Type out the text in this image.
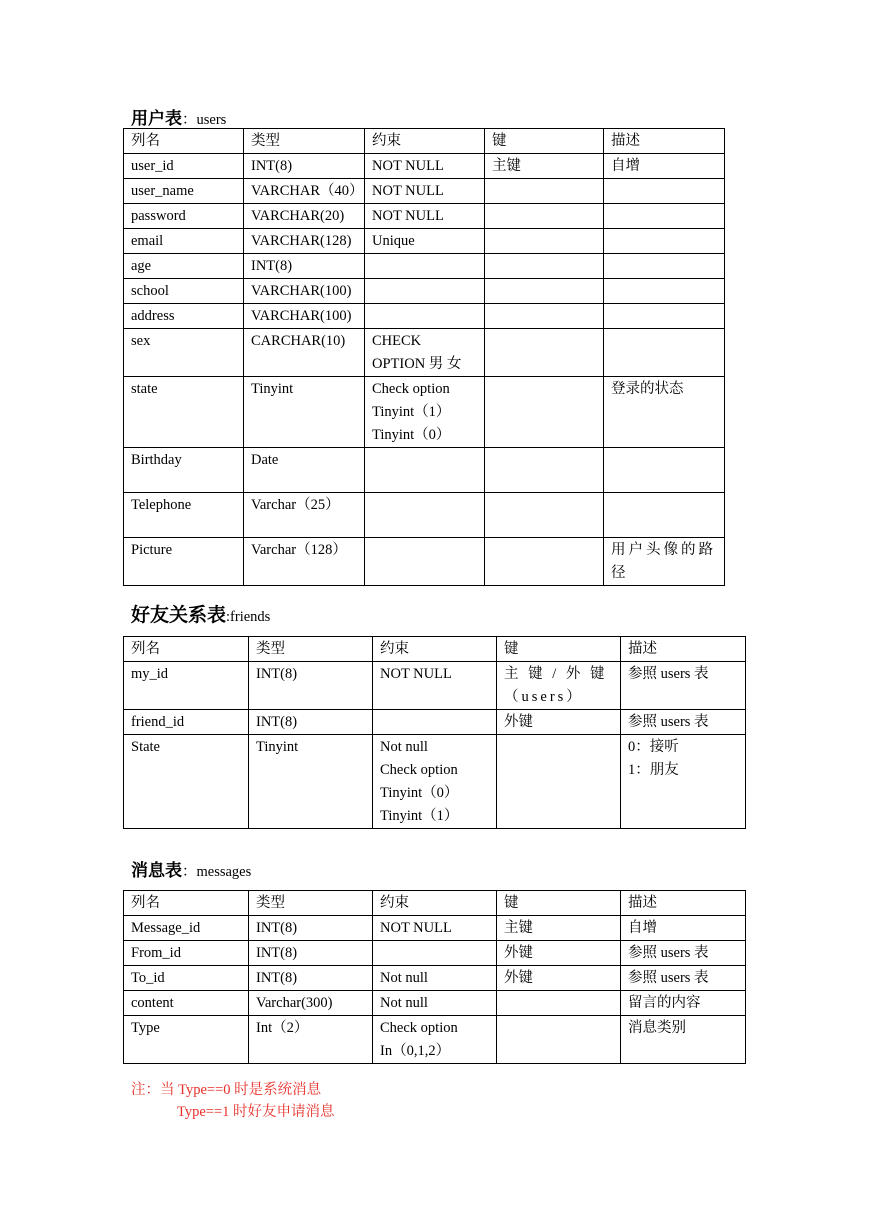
用户表：users
列名	类型	约束	键	描述

user_id	INT(8)	NOT NULL	主键	自增

user_name	VARCHAR（40）	NOT NULL		

password	VARCHAR(20)	NOT NULL		

email	VARCHAR(128)	Unique		

age	INT(8)			

school	VARCHAR(100)			

address	VARCHAR(100)			

sex	CARCHAR(10)	CHECK
OPTION 男 女		

state	Tinyint	Check option
Tinyint（1）
Tinyint（0）		登录的状态

Birthday	Date			

Telephone	Varchar（25）			

Picture	Varchar（128）			用户头像的路
径
好友关系表:friends
列名	类型	约束	键	描述

my_id	INT(8)	NOT NULL	主 键 / 外 键
（users）	参照 users 表

friend_id	INT(8)		外键	参照 users 表

State	Tinyint	Not null
Check option
Tinyint（0）
Tinyint（1）		0：接听
1：朋友
消息表：messages
列名	类型	约束	键	描述

Message_id	INT(8)	NOT NULL	主键	自增

From_id	INT(8)		外键	参照 users 表

To_id	INT(8)	Not null	外键	参照 users 表

content	Varchar(300)	Not null		留言的内容

Type	Int（2）	Check option
In（0,1,2）		消息类别
注：当 Type==0 时是系统消息
Type==1 时好友申请消息
